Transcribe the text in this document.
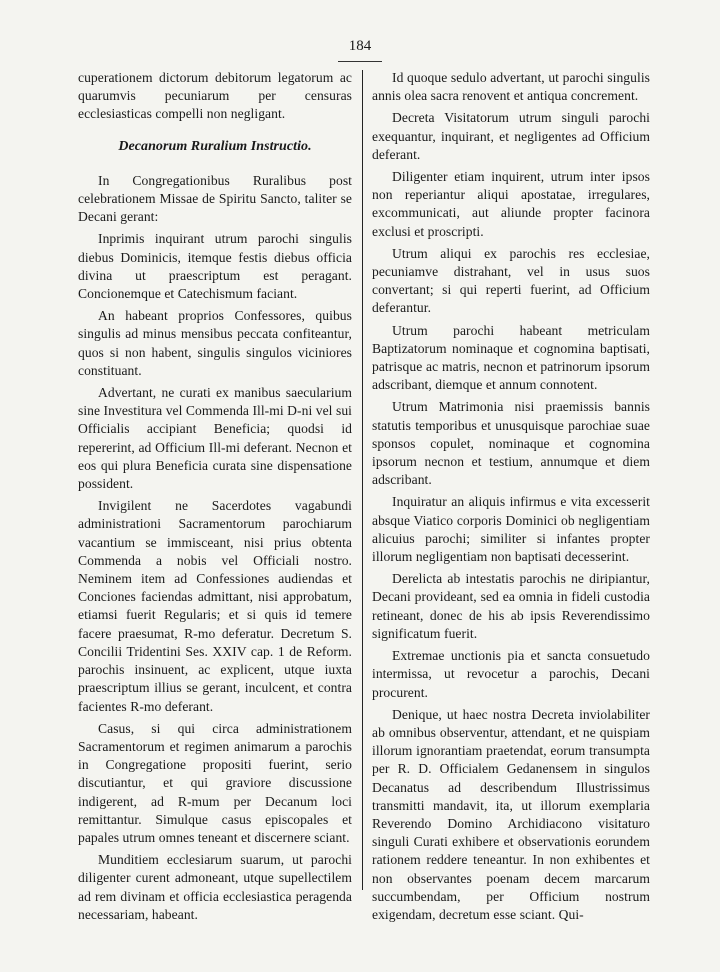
184

cuperationem dictorum debitorum legatorum ac quarumvis pecuniarum per censuras ecclesiasticas compelli non negligant.

Decanorum Ruralium Instructio.

In Congregationibus Ruralibus post celebrationem Missae de Spiritu Sancto, taliter se Decani gerant:

Inprimis inquirant utrum parochi singulis diebus Dominicis, itemque festis diebus officia divina ut praescriptum est peragant. Concionemque et Catechismum faciant.

An habeant proprios Confessores, quibus singulis ad minus mensibus peccata confiteantur, quos si non habent, singulis singulos viciniores constituant.

Advertant, ne curati ex manibus saecularium sine Investitura vel Commenda Ill-mi D-ni vel sui Officialis accipiant Beneficia; quodsi id repererint, ad Officium Ill-mi deferant. Necnon et eos qui plura Beneficia curata sine dispensatione possident.

Invigilent ne Sacerdotes vagabundi administrationi Sacramentorum parochiarum vacantium se immisceant, nisi prius obtenta Commenda a nobis vel Officiali nostro. Neminem item ad Confessiones audiendas et Conciones faciendas admittant, nisi approbatum, etiamsi fuerit Regularis; et si quis id temere facere praesumat, R-mo deferatur. Decretum S. Concilii Tridentini Ses. XXIV cap. 1 de Reform. parochis insinuent, ac explicent, utque iuxta praescriptum illius se gerant, inculcent, et contra facientes R-mo deferant.

Casus, si qui circa administrationem Sacramentorum et regimen animarum a parochis in Congregatione propositi fuerint, serio discutiantur, et qui graviore discussione indigerent, ad R-mum per Decanum loci remittantur. Simulque casus episcopales et papales utrum omnes teneant et discernere sciant.

Munditiem ecclesiarum suarum, ut parochi diligenter curent admoneant, utque supellectilem ad rem divinam et officia ecclesiastica peragenda necessariam, habeant.

Id quoque sedulo advertant, ut parochi singulis annis olea sacra renovent et antiqua concrement.

Decreta Visitatorum utrum singuli parochi exequantur, inquirant, et negligentes ad Officium deferant.

Diligenter etiam inquirent, utrum inter ipsos non reperiantur aliqui apostatae, irregulares, excommunicati, aut aliunde propter facinora exclusi et proscripti.

Utrum aliqui ex parochis res ecclesiae, pecuniamve distrahant, vel in usus suos convertant; si qui reperti fuerint, ad Officium deferantur.

Utrum parochi habeant metriculam Baptizatorum nominaque et cognomina baptisati, patrisque ac matris, necnon et patrinorum ipsorum adscribant, diemque et annum connotent.

Utrum Matrimonia nisi praemissis bannis statutis temporibus et unusquisque parochiae suae sponsos copulet, nominaque et cognomina ipsorum necnon et testium, annumque et diem adscribant.

Inquiratur an aliquis infirmus e vita excesserit absque Viatico corporis Dominici ob negligentiam alicuius parochi; similiter si infantes propter illorum negligentiam non baptisati decesserint.

Derelicta ab intestatis parochis ne diripiantur, Decani provideant, sed ea omnia in fideli custodia retineant, donec de his ab ipsis Reverendissimo significatum fuerit.

Extremae unctionis pia et sancta consuetudo intermissa, ut revocetur a parochis, Decani procurent.

Denique, ut haec nostra Decreta inviolabiliter ab omnibus observentur, attendant, et ne quispiam illorum ignorantiam praetendat, eorum transumpta per R. D. Officialem Gedanensem in singulos Decanatus ad describendum Illustrissimus transmitti mandavit, ita, ut illorum exemplaria Reverendo Domino Archidiacono visitaturo singuli Curati exhibere et observationis eorundem rationem reddere teneantur. In non exhibentes et non observantes poenam decem marcarum succumbendam, per Officium nostrum exigendam, decretum esse sciant. Qui-
